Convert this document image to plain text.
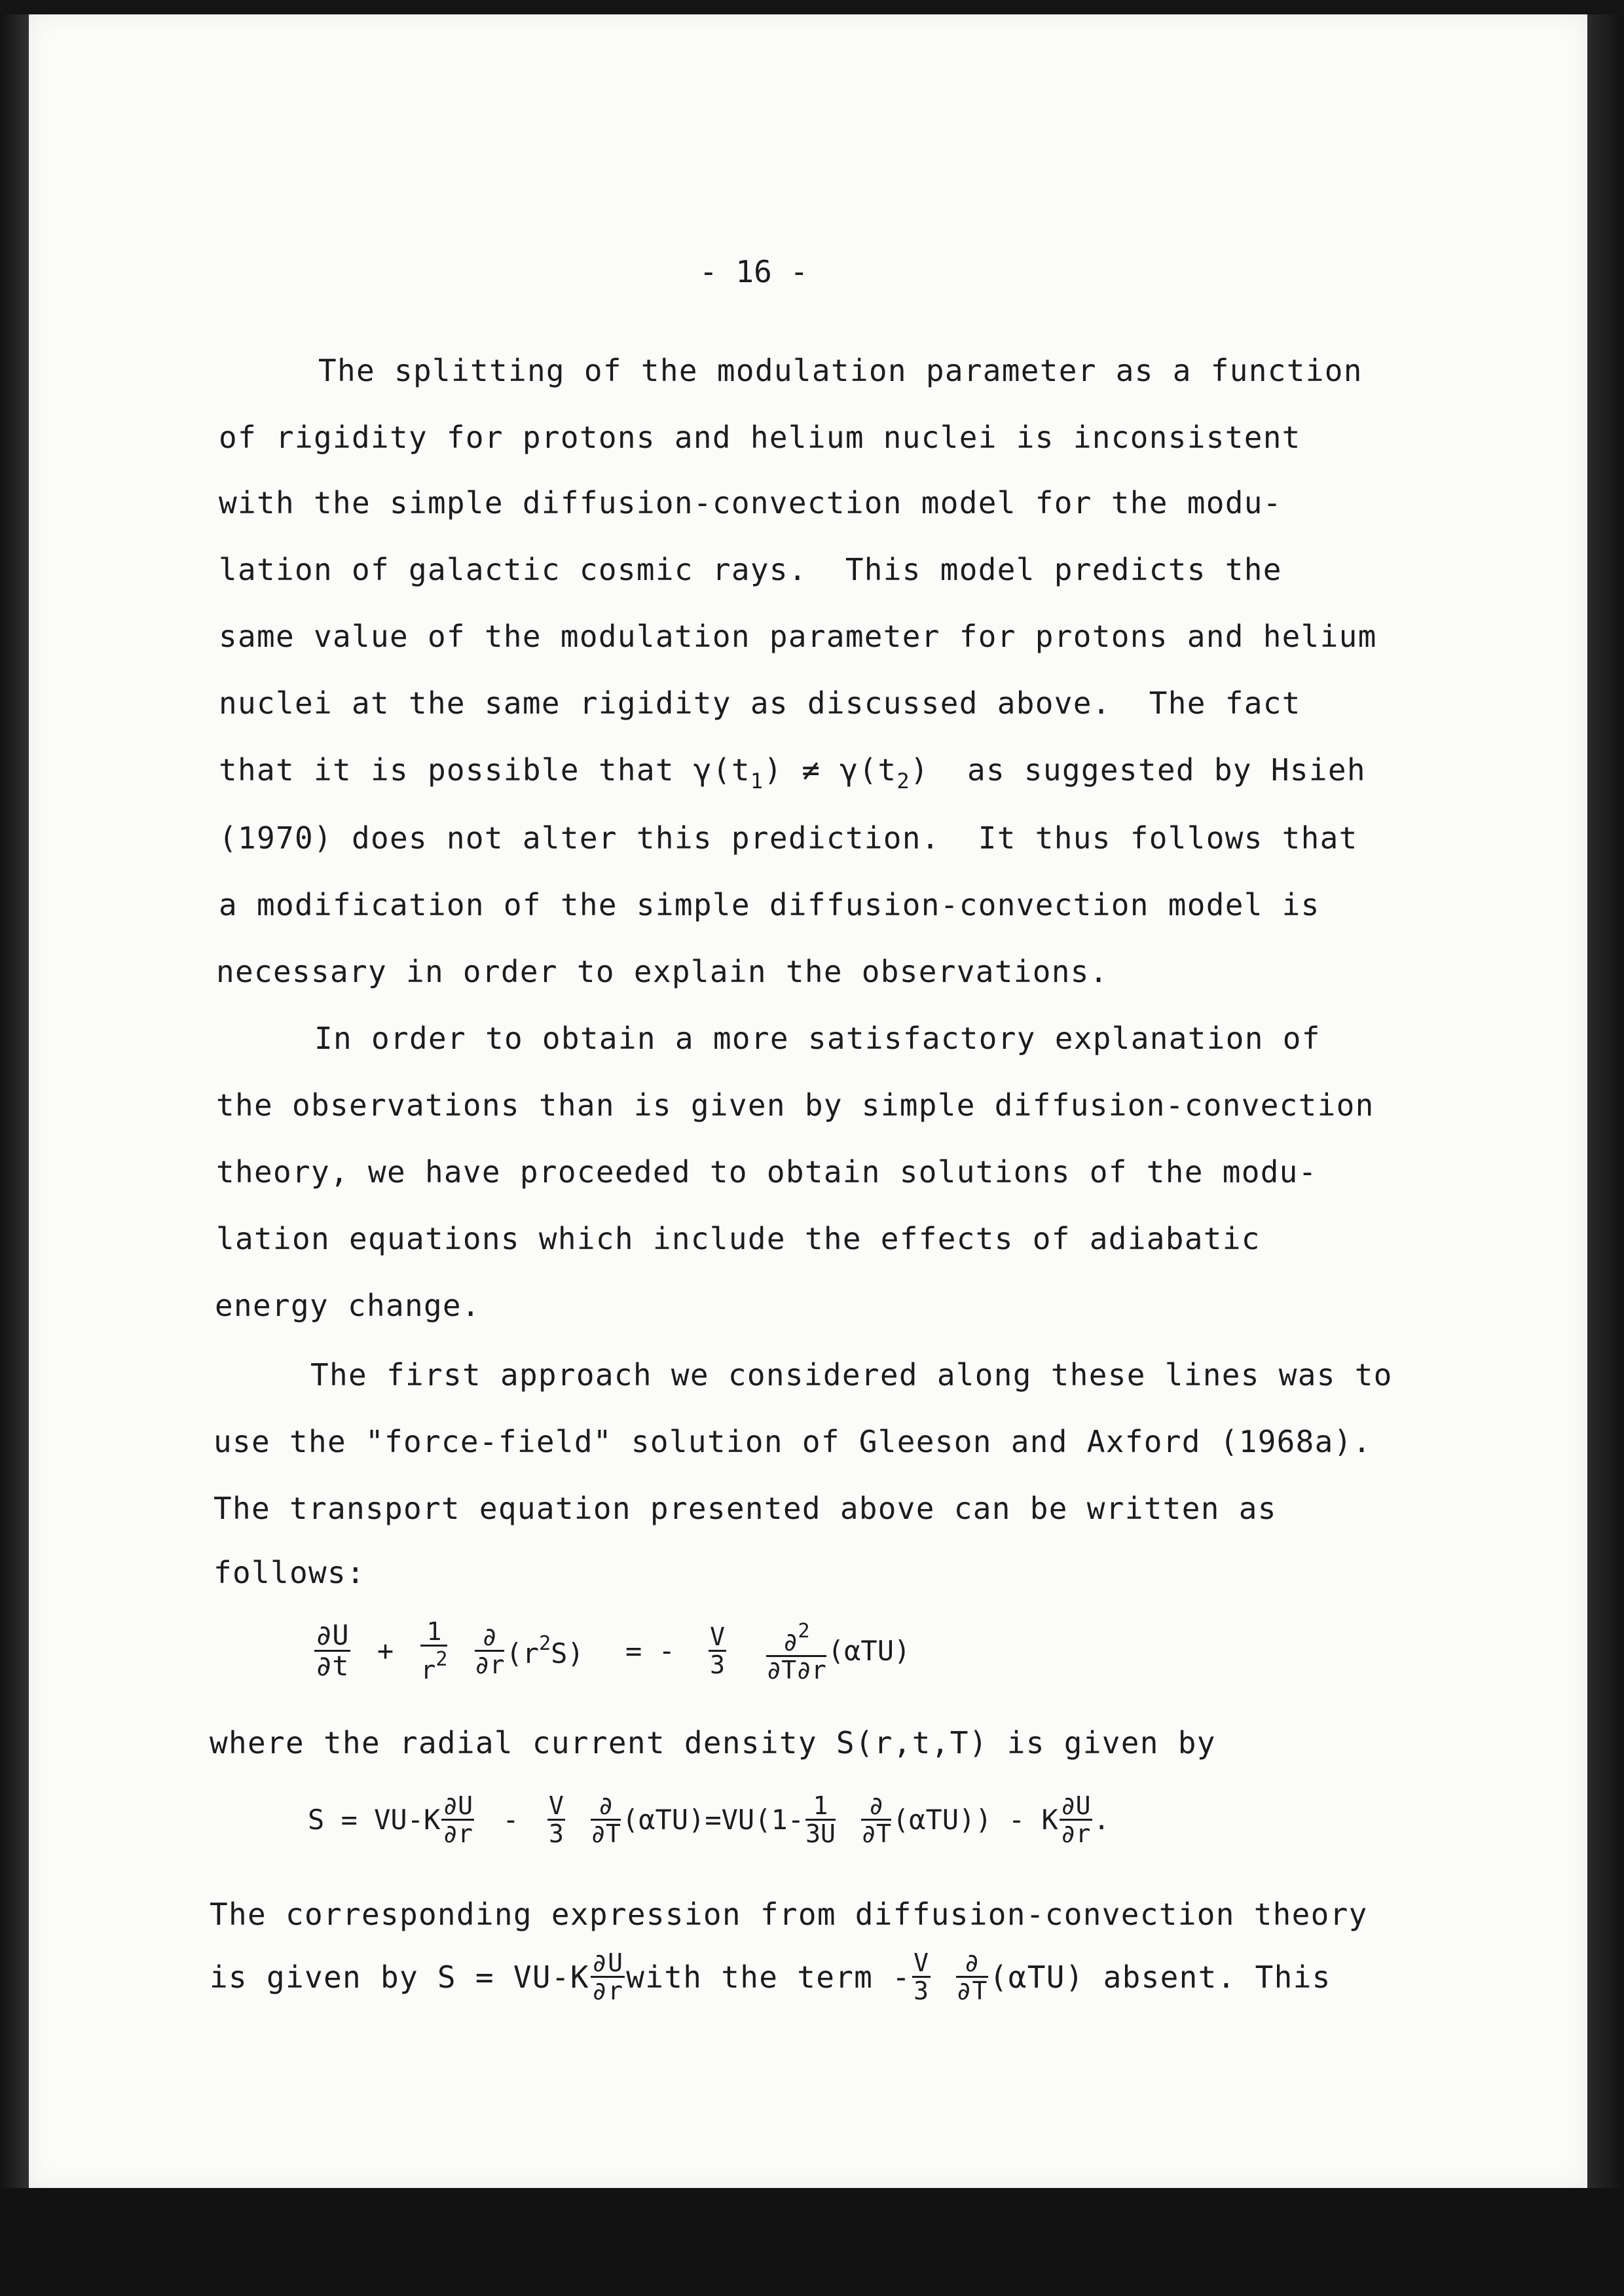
- 16 -
The splitting of the modulation parameter as a function
of rigidity for protons and helium nuclei is inconsistent
with the simple diffusion-convection model for the modu-
lation of galactic cosmic rays.  This model predicts the
same value of the modulation parameter for protons and helium
nuclei at the same rigidity as discussed above.  The fact
that it is possible that $\gamma(t_1) \ne \gamma(t_2)$  as suggested by Hsieh
(1970) does not alter this prediction.  It thus follows that
a modification of the simple diffusion-convection model is
necessary in order to explain the observations.
In order to obtain a more satisfactory explanation of
the observations than is given by simple diffusion-convection
theory, we have proceeded to obtain solutions of the modu-
lation equations which include the effects of adiabatic
energy change.
The first approach we considered along these lines was to
use the "force-field" solution of Gleeson and Axford (1968a).
The transport equation presented above can be written as
follows:
$\frac{\partial U}{\partial t} + \frac{1}{r^2}$
$\frac{\partial}{\partial r} (r^2S)$ = - $\frac{V}{3}$
$\frac{\partial^2}{\partial T\partial r} (\alpha TU)$
where the radial current density S(r,t,T) is given by
$S = VU-K \frac{\partial U}{\partial r} - \frac{V}{3}$
$\frac{\partial}{\partial T} (\alpha TU)=VU(1- \frac{1}{3U}$
$\frac{\partial}{\partial T} (\alpha TU)$) - K $\frac{\partial U}{\partial r}$ .
The corresponding expression from diffusion-convection theory
is given by $S = VU-K \frac{\partial U}{\partial r}$ with the term - $\frac{V}{3}$
$\frac{\partial}{\partial T} (\alpha TU)$ absent. This
